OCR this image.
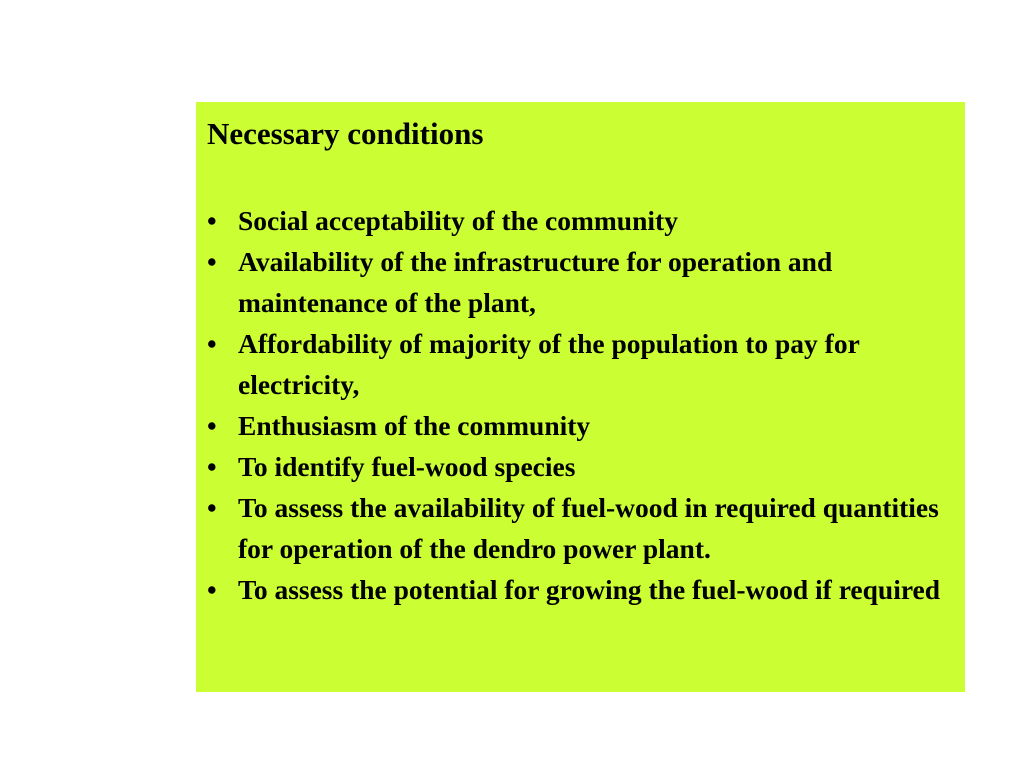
Necessary conditions
• Social acceptability of the community
• Availability of the infrastructure for operation and maintenance of the plant,
• Affordability of majority of the population to pay for electricity,
• Enthusiasm of the community
• To identify fuel-wood species
• To assess the availability of fuel-wood in required quantities for operation of the dendro power plant.
• To assess the potential for growing the fuel-wood if required
